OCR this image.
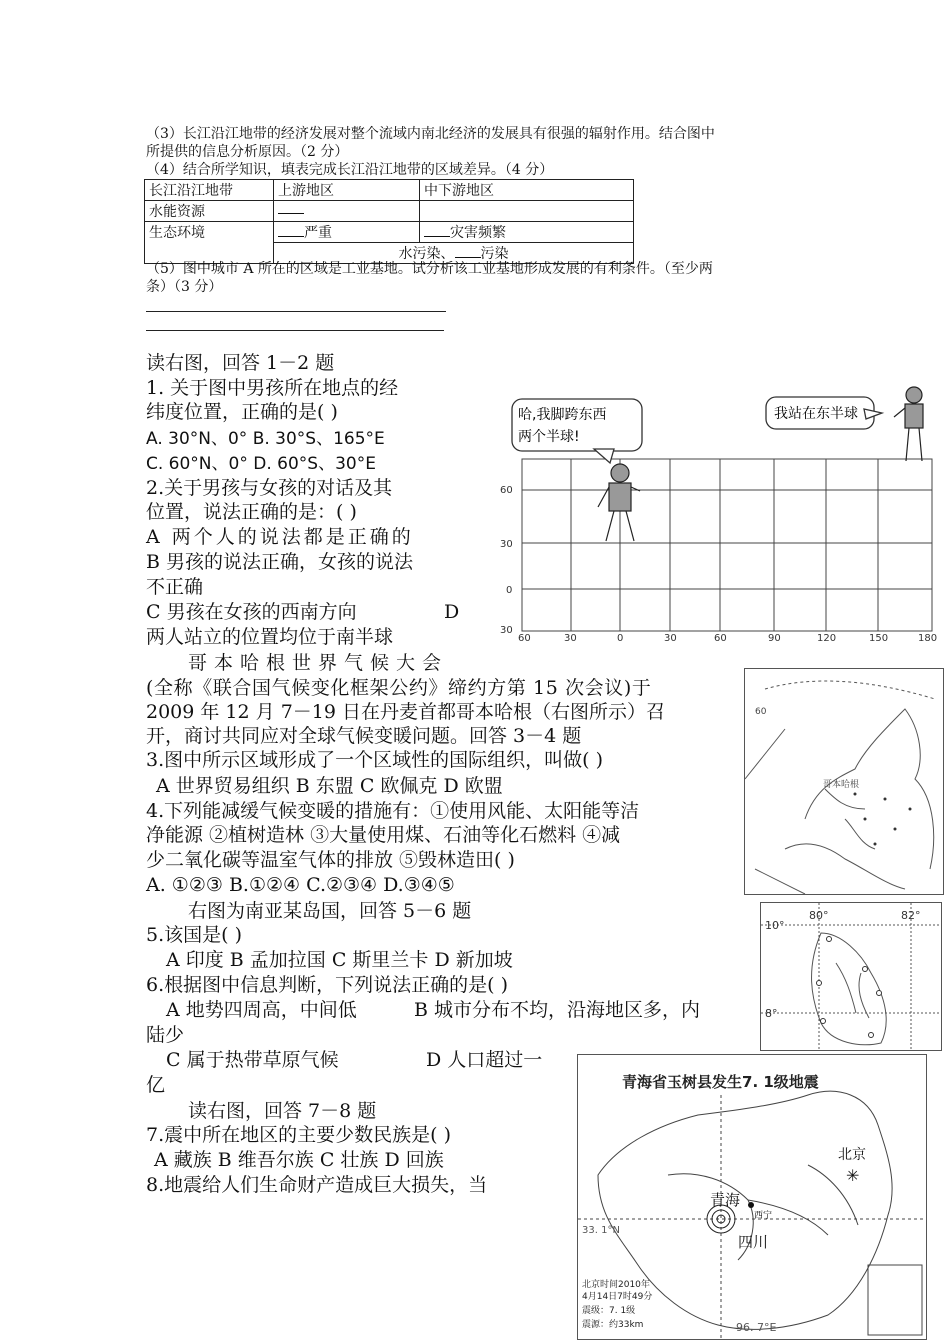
（3）长江沿江地带的经济发展对整个流域内南北经济的发展具有很强的辐射作用。结合图中
所提供的信息分析原因。（2 分）
（4）结合所学知识，填表完成长江沿江地带的区域差异。（4 分）
长江沿江地带	上游地区	中下游地区
水能资源		
生态环境	严重	灾害频繁
	水污染、 污染	
（5）图中城市 A 所在的区域是工业基地。试分析该工业基地形成发展的有利条件。（至少两
条）（3 分）
读右图，回答 1－2 题
1. 关于图中男孩所在地点的经
纬度位置，正确的是( )
A. 30°N、0° B. 30°S、165°E
C. 60°N、0° D. 60°S、30°E
2.关于男孩与女孩的对话及其
位置，说法正确的是：( )
A 两个人的说法都是正确的
B 男孩的说法正确，女孩的说法
不正确
C 男孩在女孩的西南方向	D
两人站立的位置均位于南半球
哥本哈根世界气候大会
(全称《联合国气候变化框架公约》缔约方第 15 次会议)于
2009 年 12 月 7－19 日在丹麦首都哥本哈根（右图所示）召
开，商讨共同应对全球气候变暖问题。回答 3－4 题
3.图中所示区域形成了一个区域性的国际组织，叫做( )
A 世界贸易组织 B 东盟 C 欧佩克 D 欧盟
4.下列能减缓气候变暖的措施有：①使用风能、太阳能等洁
净能源 ②植树造林 ③大量使用煤、石油等化石燃料 ④减
少二氧化碳等温室气体的排放 ⑤毁林造田( )
A. ①②③ B.①②④ C.②③④ D.③④⑤
右图为南亚某岛国，回答 5－6 题
5.该国是( )
A 印度 B 孟加拉国 C 斯里兰卡 D 新加坡
6.根据图中信息判断，下列说法正确的是( )
A 地势四周高，中间低	B 城市分布不均，沿海地区多，内
陆少
C 属于热带草原气候	D 人口超过一
亿
读右图，回答 7－8 题
7.震中所在地区的主要少数民族是( )
A 藏族 B 维吾尔族 C 壮族 D 回族
8.地震给人们生命财产造成巨大损失，当
哈,我脚跨东西
两个半球!
我站在东半球
60
30
0
30
60	30	0	30	60	90	120	150	180
60
哥本哈根
80°	82°
10°
8°
青海省玉树县发生7. 1级地震
北京
✳
青海
西宁
四川
33. 1°N
96. 7°E
北京时间2010年
4月14日7时49分
震级：7. 1级
震源：约33km
